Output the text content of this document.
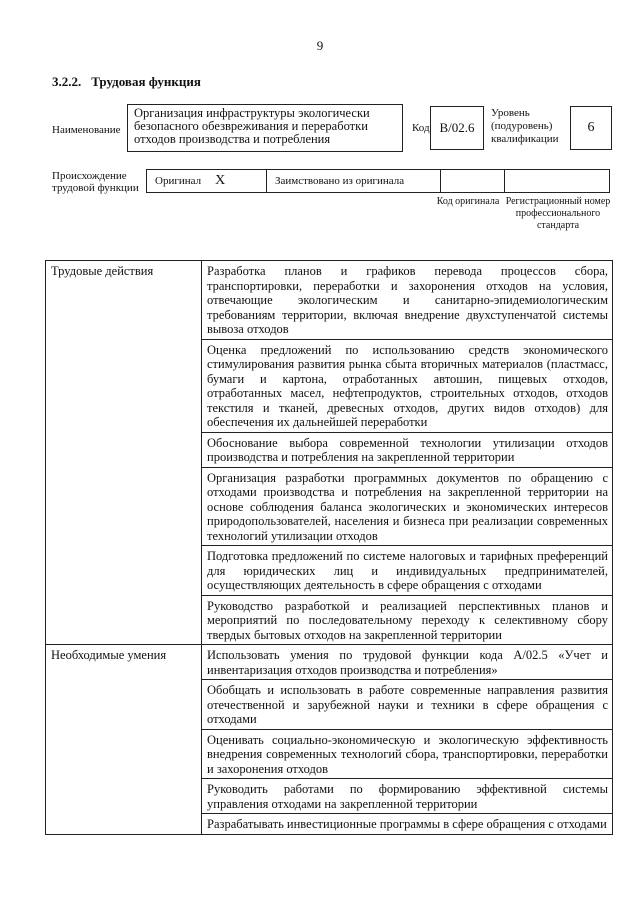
9
3.2.2. Трудовая функция
Наименование
Организация инфраструктуры экологически безопасного обезвреживания и переработки отходов производства и потребления
Код В/02.6
Уровень (подуровень) квалификации
6
Происхождение трудовой функции
Оригинал X	Заимствовано из оригинала
Код оригинала Регистрационный номер профессионального стандарта
Трудовые действия	Разработка планов и графиков перевода процессов сбора, транспортировки, переработки и захоронения отходов на условия, отвечающие экологическим и санитарно-эпидемиологическим требованиям территории, включая внедрение двухступенчатой системы вывоза отходов
	Оценка предложений по использованию средств экономического стимулирования развития рынка сбыта вторичных материалов (пластмасс, бумаги и картона, отработанных автошин, пищевых отходов, отработанных масел, нефтепродуктов, строительных отходов, отходов текстиля и тканей, древесных отходов, других видов отходов) для обеспечения их дальнейшей переработки
	Обоснование выбора современной технологии утилизации отходов производства и потребления на закрепленной территории
	Организация разработки программных документов по обращению с отходами производства и потребления на закрепленной территории на основе соблюдения баланса экологических и экономических интересов природопользователей, населения и бизнеса при реализации современных технологий утилизации отходов
	Подготовка предложений по системе налоговых и тарифных преференций для юридических лиц и индивидуальных предпринимателей, осуществляющих деятельность в сфере обращения с отходами
	Руководство разработкой и реализацией перспективных планов и мероприятий по последовательному переходу к селективному сбору твердых бытовых отходов на закрепленной территории
Необходимые умения	Использовать умения по трудовой функции кода А/02.5 «Учет и инвентаризация отходов производства и потребления»
	Обобщать и использовать в работе современные направления развития отечественной и зарубежной науки и техники в сфере обращения с отходами
	Оценивать социально-экономическую и экологическую эффективность внедрения современных технологий сбора, транспортировки, переработки и захоронения отходов
	Руководить работами по формированию эффективной системы управления отходами на закрепленной территории
	Разрабатывать инвестиционные программы в сфере обращения с отходами
